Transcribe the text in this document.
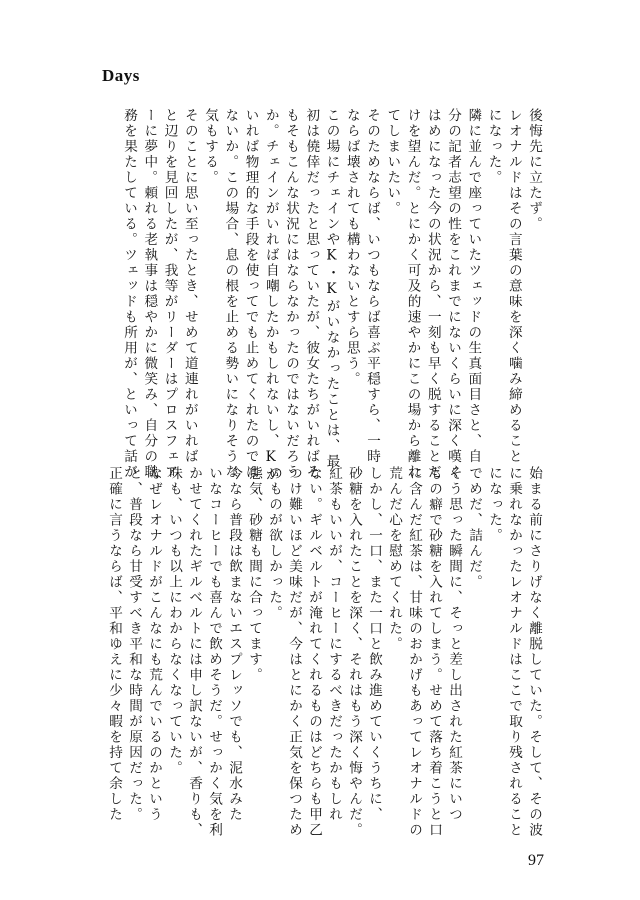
Days
後悔先に立たず。
レオナルドはその言葉の意味を深く噛み締めること
になった。
隣に並んで座っていたツェッドの生真面目さと、自
分の記者志望の性をこれまでにないくらいに深く嘆く
はめになった今の状況から、一刻も早く脱することだ
けを望んだ。とにかく可及的速やかにこの場から離れ
てしまいたい。
そのためならば、いつもならば喜ぶ平穏すら、一時
ならば壊されても構わないとすら思う。
この場にチェインやK・Kがいなかったことは、最
初は僥倖だったと思っていたが、彼女たちがいればそ
もそもこんな状況にはならなかったのではないだろう
か。チェインがいれば自嘲したかもしれないし、Kが
いれば物理的な手段を使ってでも止めてくれたのでは
ないか。この場合、息の根を止める勢いになりそうな
気もする。
そのことに思い至ったとき、せめて道連れがいれば
と辺りを見回したが、我等がリーダーはプロスフェア
ーに夢中。頼れる老執事は穏やかに微笑み、自分の職
務を果たしている。ツェッドも所用が、といって話が
始まる前にさりげなく離脱していた。そして、その波
に乗れなかったレオナルドはここで取り残されること
になった。
でめだ、詰んだ。
そう思った瞬間に、そっと差し出された紅茶にいつ
もの癖で砂糖を入れてしまう。せめて落ち着こうと口
に含んだ紅茶は、甘味のおかげもあってレオナルドの
荒んだ心を慰めてくれた。
しかし、一口、また一口と飲み進めていくうちに、
砂糖を入れたことを深く、それはもう深く悔やんだ。
紅茶もいいが、コーヒーにするべきだったかもしれ
ない。ギルベルトが淹れてくれるものはどちらも甲乙
つけ難いほど美味だが、今はとにかく正気を保つため
のものが欲しかった。
態気、砂糖も間に合ってます。
今なら普段は飲まないエスプレッソでも、泥水みた
いなコーヒーでも喜んで飲めそうだ。せっかく気を利
かせてくれたギルベルトには申し訳ないが、香りも、
味も、いつも以上にわからなくなっていた。
なぜレオナルドがこんなにも荒んでいるのかという
と、普段なら甘受すべき平和な時間が原因だった。
正確に言うならば、平和ゆえに少々暇を持て余した
97
